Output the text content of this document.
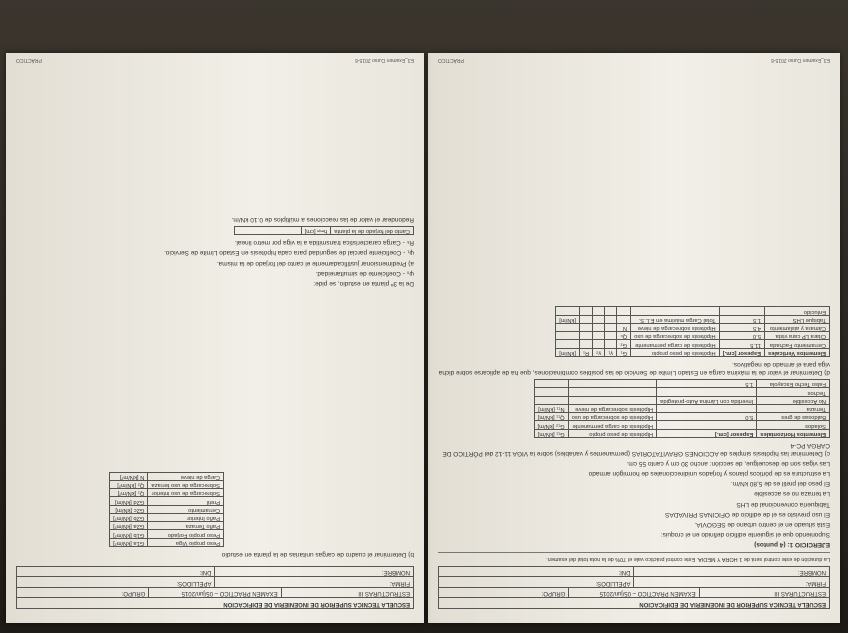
ESCUELA TECNICA SUPERIOR DE INGENIERIA DE EDIFICACION
ESTRUCTURAS III
EXAMEN PRÁCTICO – 05/jun/2015
GRUPO:
FIRMA:
APELLIDOS:
NOMBRE:
DNI:
La duración de este control será de 1 HORA Y MEDIA. Este control práctico vale el 70% de la nota total del examen.
EJERCICIO 1: (4 puntos)
Suponiendo que el siguiente edificio definido en el croquis:
Está situado en el centro urbano de SEGOVIA.
El uso previsto es el de edificio de OFICINAS PRIVADAS
Tabiquería convencional de LHS
La terraza no es accesible
El peso del pretil es de 5,80 kN/m.
La estructura es de pórticos planos y forjados unidireccionales de hormigón armado
Las vigas son de descuelgue, de sección: ancho 30 cm y canto 55 cm.
c) Determinar las hipótesis simples de ACCIONES GRAVITATORIAS (permanentes y variables) sobre la VIGA 11-12 del PÓRTICO DE CARGA PC-4
Elementos Horizontales	Espesor [cm.]	Hipótesis de peso propio	G₁₁ [kN/m]
Solados		Hipótesis de carga permanente	G₁₂ [kN/m]
Baldosas de gres	5.0	Hipótesis de sobrecarga de uso	Q₁₁ [kN/m]
Terraza		Hipótesis sobrecarga de nieve	N₁₁ [kN/m]
No Accesible	Invertida con Lámina Auto-protegida		
Techos			
Falso Techo Escayola	1.5		
d) Determinar el valor de la máxima carga en Estado Límite de Servicio de las posibles combinaciones, que ha de aplicarse sobre dicha viga para el armado de negativos.
Elementos Verticales	Espesor [cm.]	Hipótesis de peso propio	G₁	γ₁	γ₂	R₁	[kN/m]
Cerramiento Fachada	11.5	Hipótesis de carga permanente	G₂				
Citara LP cara vista	5.0	Hipótesis de sobrecarga de uso	Qₖ				
Cámara y aislamiento	4.5	Hipótesis sobrecarga de nieve	N				
Tabique LHS	1.5	Total Carga máxima en E.L.S.					[kN/m]
Enlucido							
E3_Examen Curso 2015-6
PRÁCTICO
ESCUELA TECNICA SUPERIOR DE INGENIERIA DE EDIFICACION
ESTRUCTURAS III
EXAMEN PRÁCTICO – 05/jun/2015
GRUPO:
FIRMA:
APELLIDOS:
NOMBRE:
DNI:
b) Determinar el cuadro de cargas unitarias de la planta en estudio
Peso propio Viga	G1a [kN/m²]
Peso propio Forjado	G1b [kN/m²]
Paño Terraza	G2a [kN/m²]
Paño Interior	G2b [kN/m²]
Cerramiento	G2c [kN/m]
Pretil	G2d [kN/m]
Sobrecarga de uso interior	Q₁ [kN/m²]
Sobrecarga de uso terraza	Q₂ [kN/m²]
Carga de nieve	N [kN/m²]
De la 3ª planta en estudio, se pide:
ψ₀ - Coeficiente de simultaneidad.
a) Predimensionar justificadamente el canto del forjado de la misma.
ψ₁ - Coeficiente parcial de seguridad para cada hipótesis en Estado Límite de Servicio.
Rₖ - Carga característica transmitida a la viga por metro lineal.
Canto del forjado de la planta	hₘᵢₙ [cm]	
Redondear el valor de las reacciones a múltiplos de 0.10 kN/m.
E3_Examen Curso 2015-6
PRÁCTICO
